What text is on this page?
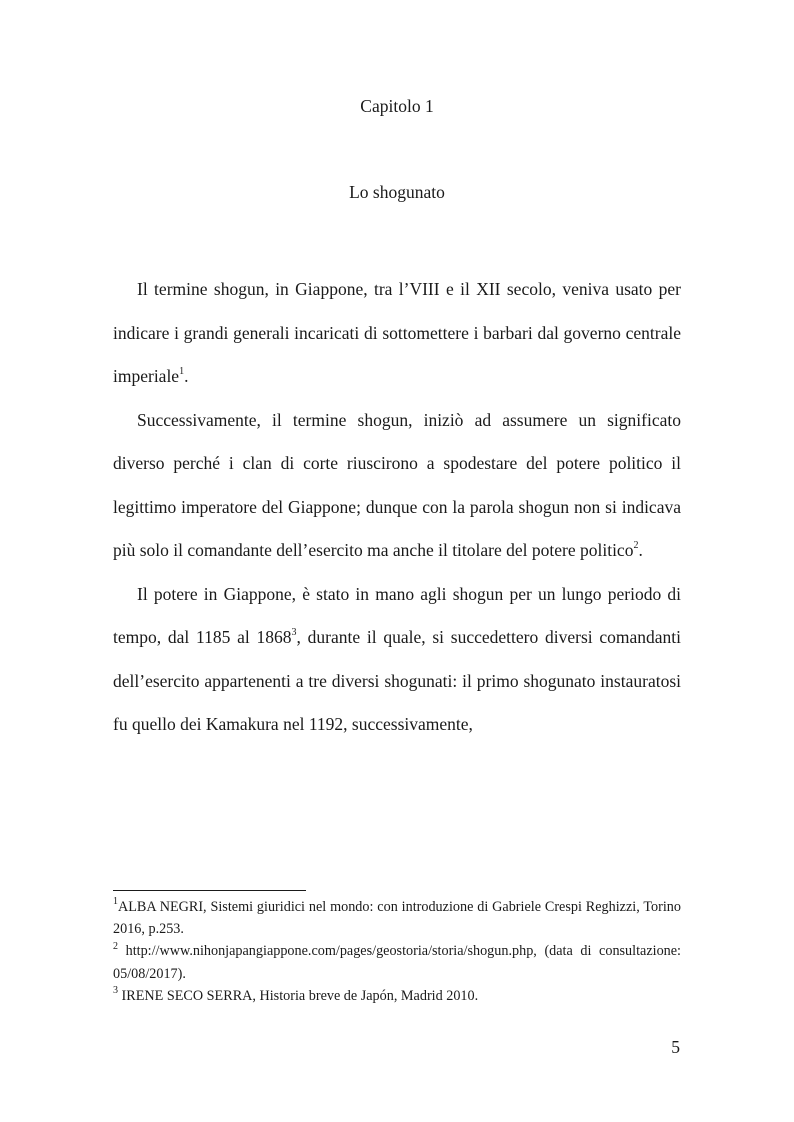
Capitolo 1
Lo shogunato

Il termine shogun, in Giappone, tra l’VIII e il XII secolo, veniva usato per indicare i grandi generali incaricati di sottomettere i barbari dal governo centrale imperiale$^1$.

Successivamente, il termine shogun, iniziò ad assumere un significato diverso perché i clan di corte riuscirono a spodestare del potere politico il legittimo imperatore del Giappone; dunque con la parola shogun non si indicava più solo il comandante dell’esercito ma anche il titolare del potere politico$^2$.

Il potere in Giappone, è stato in mano agli shogun per un lungo periodo di tempo, dal 1185 al 1868$^3$, durante il quale, si succedettero diversi comandanti dell’esercito appartenenti a tre diversi shogunati: il primo shogunato instauratosi fu quello dei Kamakura nel 1192, successivamente,

$^1$ALBA NEGRI, Sistemi giuridici nel mondo: con introduzione di Gabriele Crespi Reghizzi, Torino 2016, p.253.

$^2$ http://www.nihonjapangiappone.com/pages/geostoria/storia/shogun.php, (data di consultazione: 05/08/2017).

$^3$ IRENE SECO SERRA, Historia breve de Japón, Madrid 2010.

5
